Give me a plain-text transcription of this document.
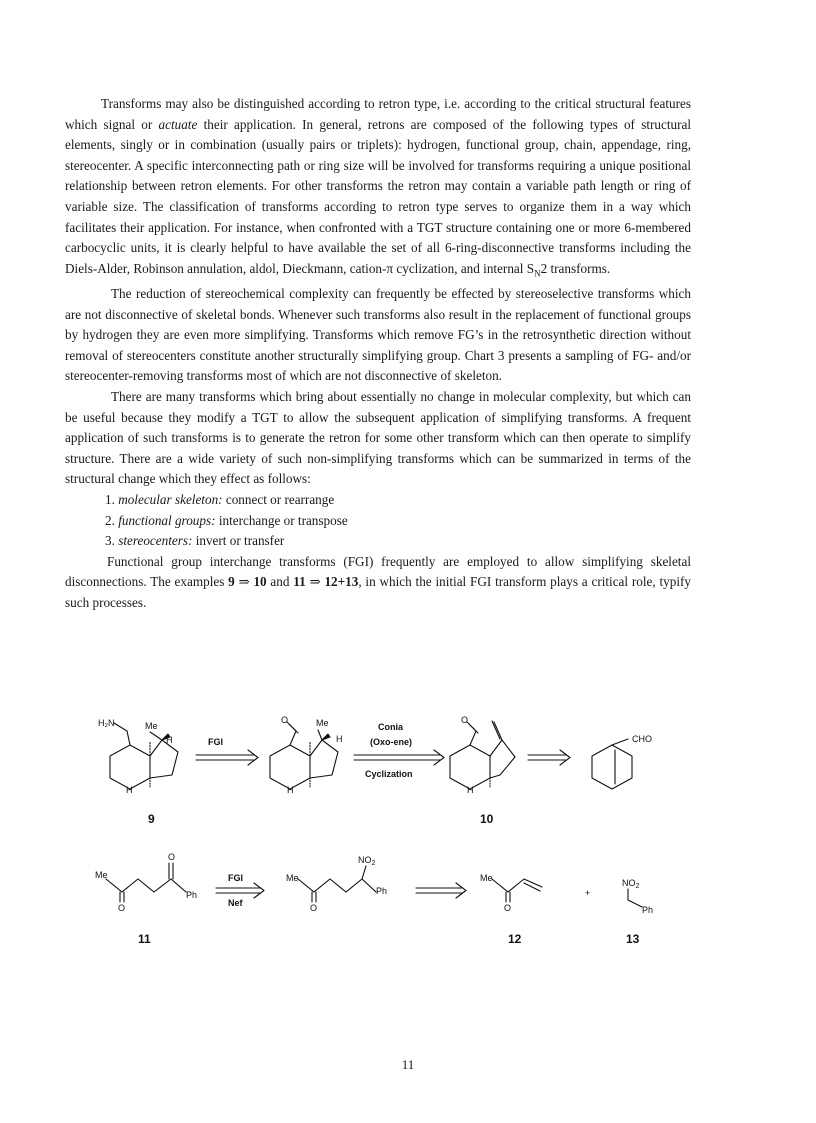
Transforms may also be distinguished according to retron type, i.e. according to the critical structural features which signal or actuate their application. In general, retrons are composed of the following types of structural elements, singly or in combination (usually pairs or triplets): hydrogen, functional group, chain, appendage, ring, stereocenter. A specific interconnecting path or ring size will be involved for transforms requiring a unique positional relationship between retron elements. For other transforms the retron may contain a variable path length or ring of variable size. The classification of transforms according to retron type serves to organize them in a way which facilitates their application. For instance, when confronted with a TGT structure containing one or more 6-membered carbocyclic units, it is clearly helpful to have available the set of all 6-ring-disconnective transforms including the Diels-Alder, Robinson annulation, aldol, Dieckmann, cation-π cyclization, and internal $S_N2$ transforms.

The reduction of stereochemical complexity can frequently be effected by stereoselective transforms which are not disconnective of skeletal bonds. Whenever such transforms also result in the replacement of functional groups by hydrogen they are even more simplifying. Transforms which remove FG’s in the retrosynthetic direction without removal of stereocenters constitute another structurally simplifying group. Chart 3 presents a sampling of FG- and/or stereocenter-removing transforms most of which are not disconnective of skeleton.

There are many transforms which bring about essentially no change in molecular complexity, but which can be useful because they modify a TGT to allow the subsequent application of simplifying transforms. A frequent application of such transforms is to generate the retron for some other transform which can then operate to simplify structure. There are a wide variety of such non-simplifying transforms which can be summarized in terms of the structural change which they effect as follows:

1. molecular skeleton: connect or rearrange

2. functional groups: interchange or transpose

3. stereocenters: invert or transfer

Functional group interchange transforms (FGI) frequently are employed to allow simplifying skeletal disconnections. The examples 9 ⇒ 10 and 11 ⇒ 12+13, in which the initial FGI transform plays a critical role, typify such processes.

H₂N	Me
H
H
FGI
O	Me
H
H
Conia
(Oxo-ene)
Cyclization
O
H
CHO
9	10
Me
O
Ph
O
FGI
Nef
$NO_2$
Me
Ph
O
Me
O
+
$NO_2$
Ph
11	12	13
11
